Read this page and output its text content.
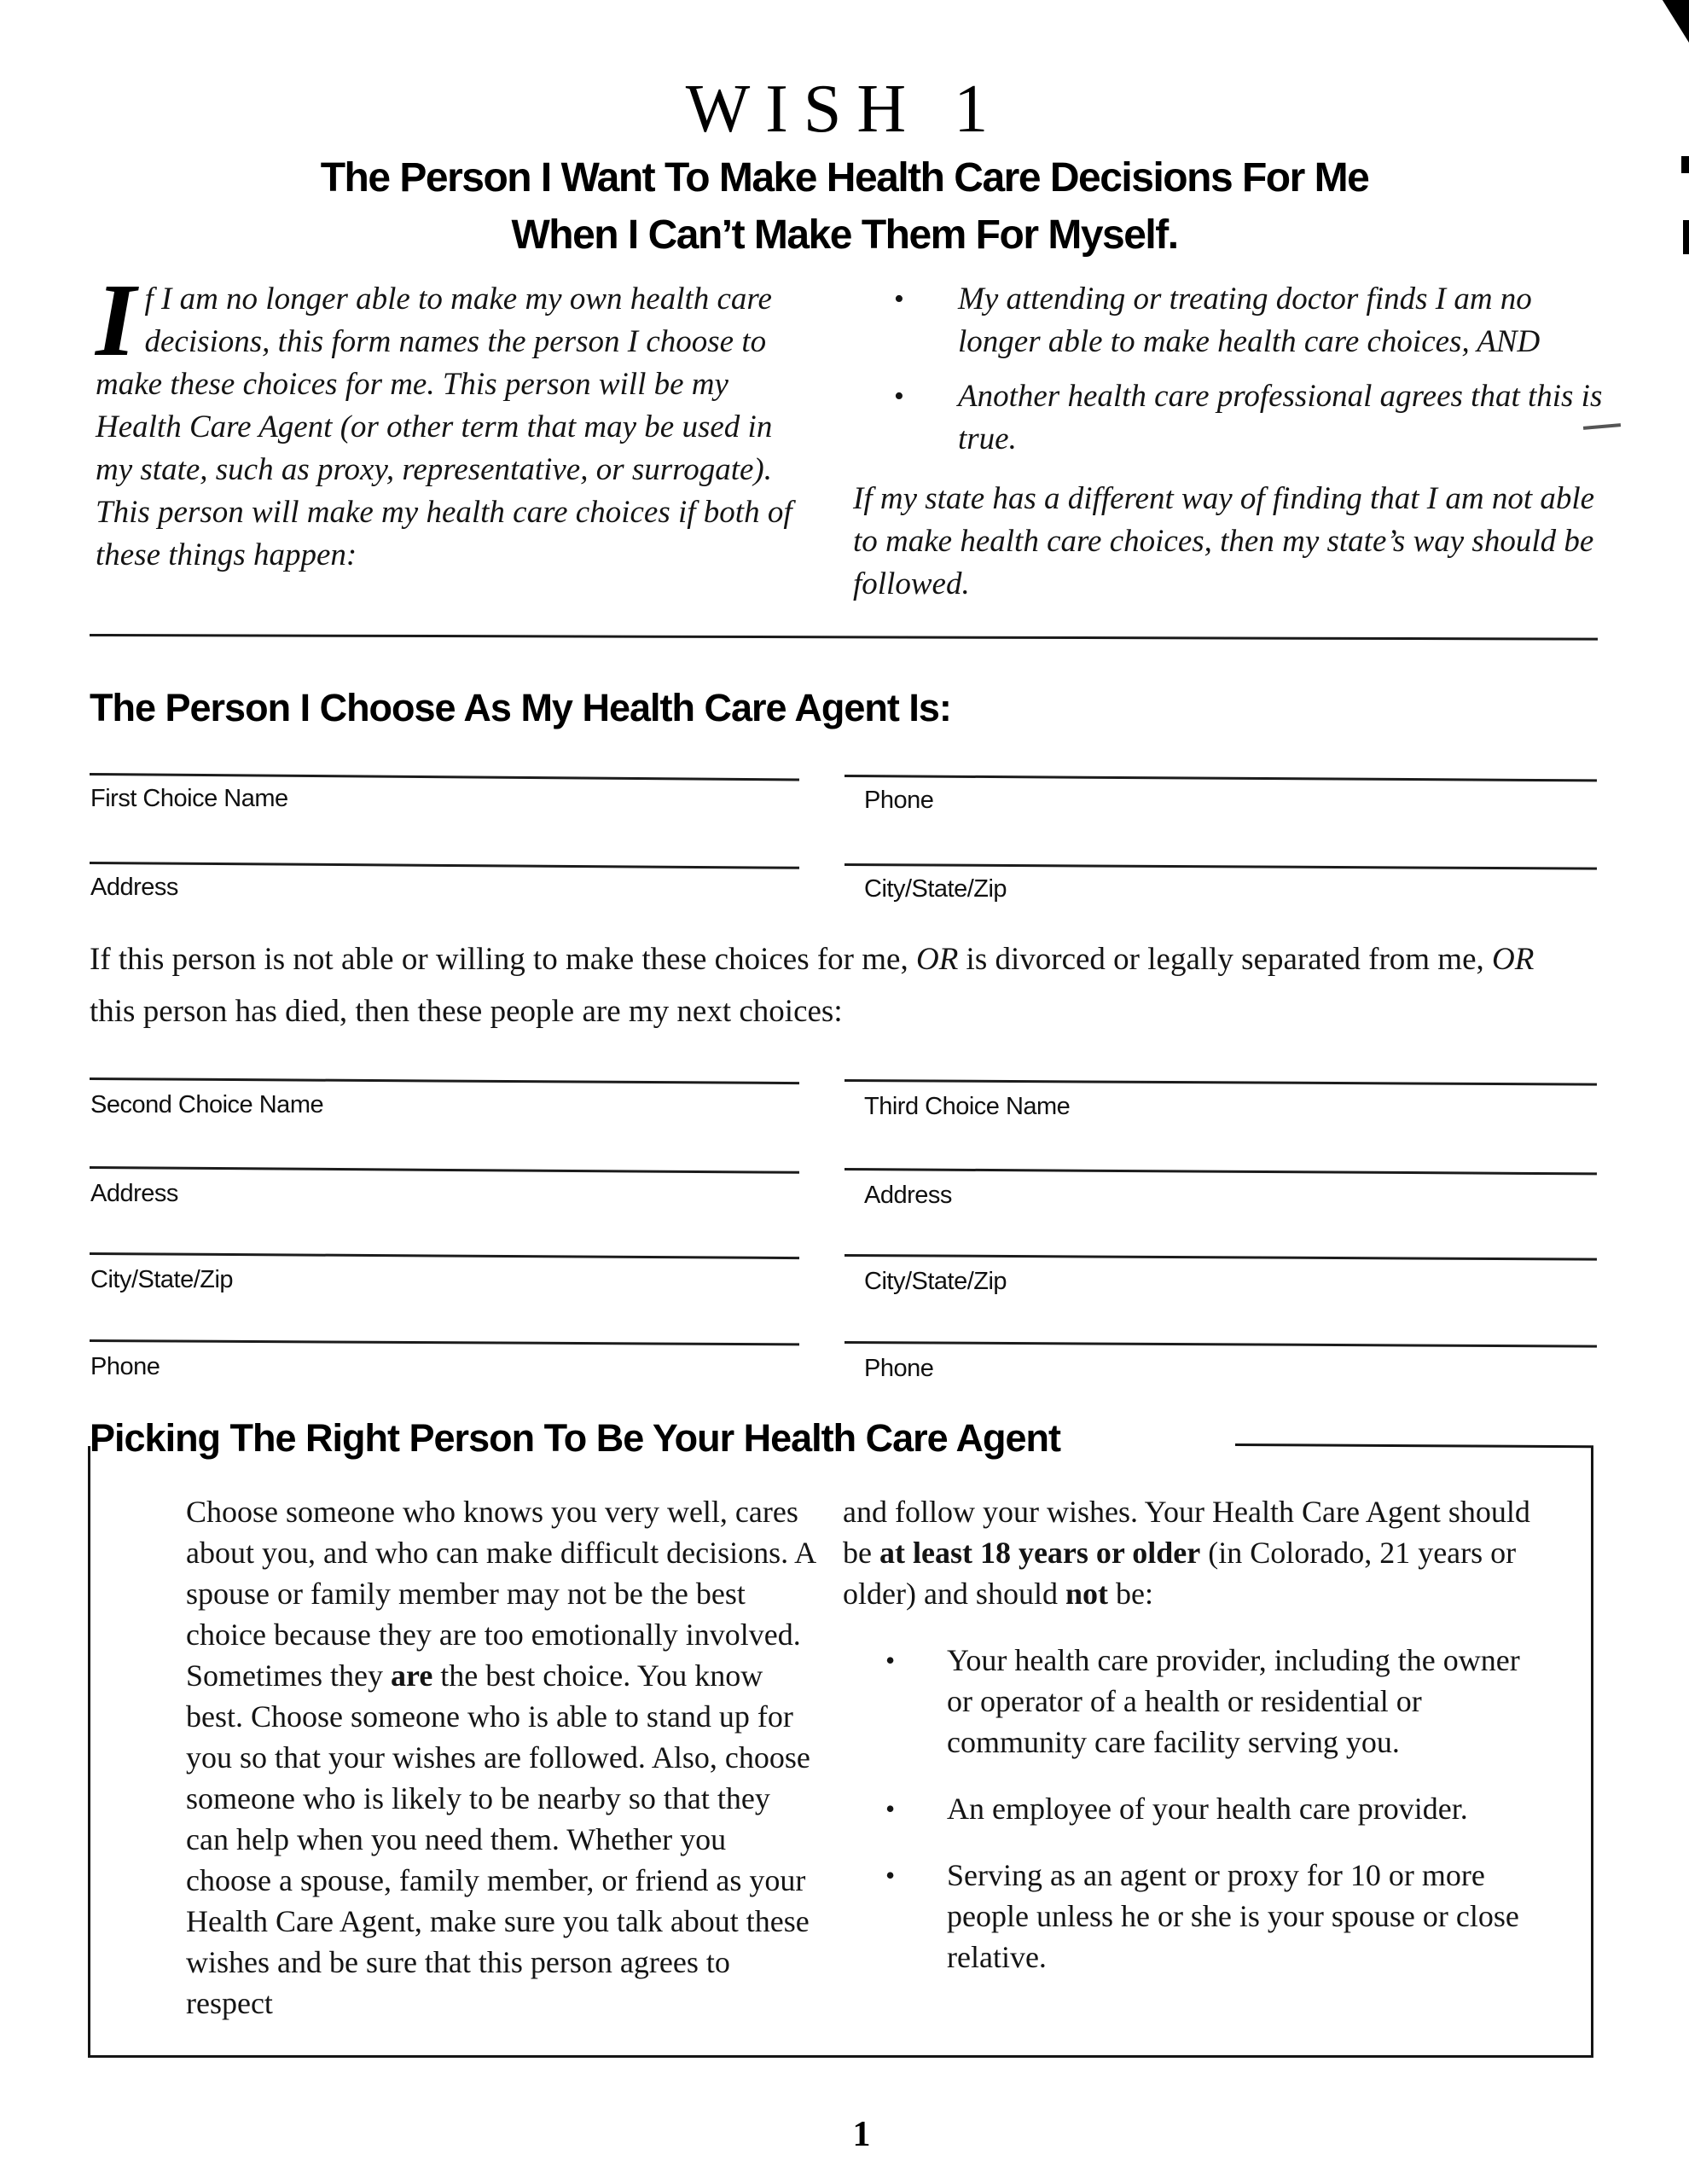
WISH 1
The Person I Want To Make Health Care Decisions For Me
When I Can’t Make Them For Myself.
If I am no longer able to make my own health care decisions, this form names the person I choose to make these choices for me. This person will be my Health Care Agent (or other term that may be used in my state, such as proxy, representative, or surrogate). This person will make my health care choices if both of these things happen:
• My attending or treating doctor finds I am no longer able to make health care choices, AND
• Another health care professional agrees that this is true.

If my state has a different way of finding that I am not able to make health care choices, then my state’s way should be followed.

The Person I Choose As My Health Care Agent Is:
First Choice Name	Phone
Address	City/State/Zip

If this person is not able or willing to make these choices for me, OR is divorced or legally separated from me, OR this person has died, then these people are my next choices:

Second Choice Name	Third Choice Name
Address	Address
City/State/Zip	City/State/Zip
Phone	Phone
Picking The Right Person To Be Your Health Care Agent
Choose someone who knows you very well, cares about you, and who can make difficult decisions. A spouse or family member may not be the best choice because they are too emotionally involved. Sometimes they are the best choice. You know best. Choose someone who is able to stand up for you so that your wishes are followed. Also, choose someone who is likely to be nearby so that they can help when you need them. Whether you choose a spouse, family member, or friend as your Health Care Agent, make sure you talk about these wishes and be sure that this person agrees to respect

and follow your wishes. Your Health Care Agent should be at least 18 years or older (in Colorado, 21 years or older) and should not be:

• Your health care provider, including the owner or operator of a health or residential or community care facility serving you.
• An employee of your health care provider.
• Serving as an agent or proxy for 10 or more people unless he or she is your spouse or close relative.
1
